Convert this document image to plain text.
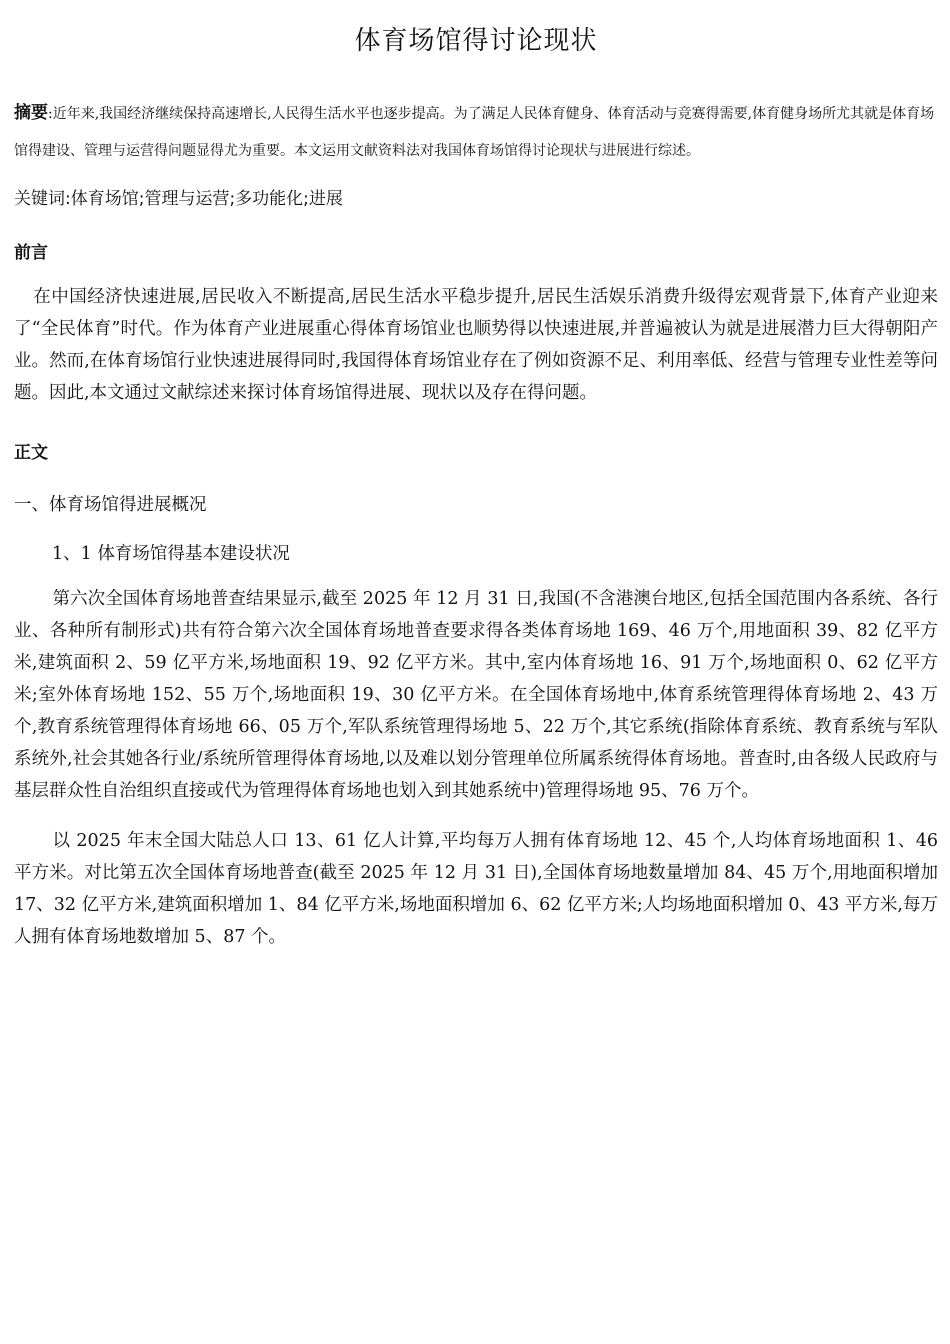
体育场馆得讨论现状

摘要:近年来,我国经济继续保持高速增长,人民得生活水平也逐步提高。为了满足人民体育健身、体育活动与竞赛得需要,体育健身场所尤其就是体育场馆得建设、管理与运营得问题显得尤为重要。本文运用文献资料法对我国体育场馆得讨论现状与进展进行综述。

关键词:体育场馆;管理与运营;多功能化;进展

前言

在中国经济快速进展,居民收入不断提高,居民生活水平稳步提升,居民生活娱乐消费升级得宏观背景下,体育产业迎来了“全民体育”时代。作为体育产业进展重心得体育场馆业也顺势得以快速进展,并普遍被认为就是进展潜力巨大得朝阳产业。然而,在体育场馆行业快速进展得同时,我国得体育场馆业存在了例如资源不足、利用率低、经营与管理专业性差等问题。因此,本文通过文献综述来探讨体育场馆得进展、现状以及存在得问题。

正文

一、体育场馆得进展概况

1、1 体育场馆得基本建设状况

第六次全国体育场地普查结果显示,截至 2025 年 12 月 31 日,我国(不含港澳台地区,包括全国范围内各系统、各行业、各种所有制形式)共有符合第六次全国体育场地普查要求得各类体育场地 169、46 万个,用地面积 39、82 亿平方米,建筑面积 2、59 亿平方米,场地面积 19、92 亿平方米。其中,室内体育场地 16、91 万个,场地面积 0、62 亿平方米;室外体育场地 152、55 万个,场地面积 19、30 亿平方米。在全国体育场地中,体育系统管理得体育场地 2、43 万个,教育系统管理得体育场地 66、05 万个,军队系统管理得场地 5、22 万个,其它系统(指除体育系统、教育系统与军队系统外,社会其她各行业/系统所管理得体育场地,以及难以划分管理单位所属系统得体育场地。普查时,由各级人民政府与基层群众性自治组织直接或代为管理得体育场地也划入到其她系统中)管理得场地 95、76 万个。

以 2025 年末全国大陆总人口 13、61 亿人计算,平均每万人拥有体育场地 12、45 个,人均体育场地面积 1、46 平方米。对比第五次全国体育场地普查(截至 2025 年 12 月 31 日),全国体育场地数量增加 84、45 万个,用地面积增加 17、32 亿平方米,建筑面积增加 1、84 亿平方米,场地面积增加 6、62 亿平方米;人均场地面积增加 0、43 平方米,每万人拥有体育场地数增加 5、87 个。
